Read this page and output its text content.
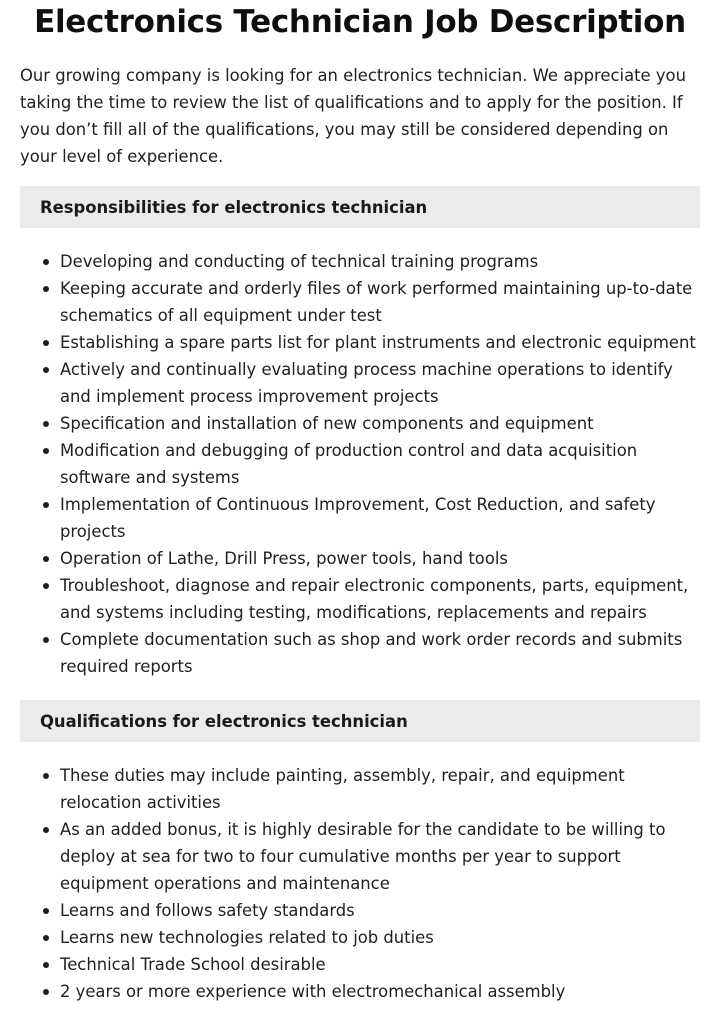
Electronics Technician Job Description

Our growing company is looking for an electronics technician. We appreciate you taking the time to review the list of qualifications and to apply for the position. If you don’t fill all of the qualifications, you may still be considered depending on your level of experience.

Responsibilities for electronics technician
Developing and conducting of technical training programs
Keeping accurate and orderly files of work performed maintaining up-to-date schematics of all equipment under test
Establishing a spare parts list for plant instruments and electronic equipment
Actively and continually evaluating process machine operations to identify and implement process improvement projects
Specification and installation of new components and equipment
Modification and debugging of production control and data acquisition software and systems
Implementation of Continuous Improvement, Cost Reduction, and safety projects
Operation of Lathe, Drill Press, power tools, hand tools
Troubleshoot, diagnose and repair electronic components, parts, equipment, and systems including testing, modifications, replacements and repairs
Complete documentation such as shop and work order records and submits required reports
Qualifications for electronics technician
These duties may include painting, assembly, repair, and equipment relocation activities
As an added bonus, it is highly desirable for the candidate to be willing to deploy at sea for two to four cumulative months per year to support equipment operations and maintenance
Learns and follows safety standards
Learns new technologies related to job duties
Technical Trade School desirable
2 years or more experience with electromechanical assembly
